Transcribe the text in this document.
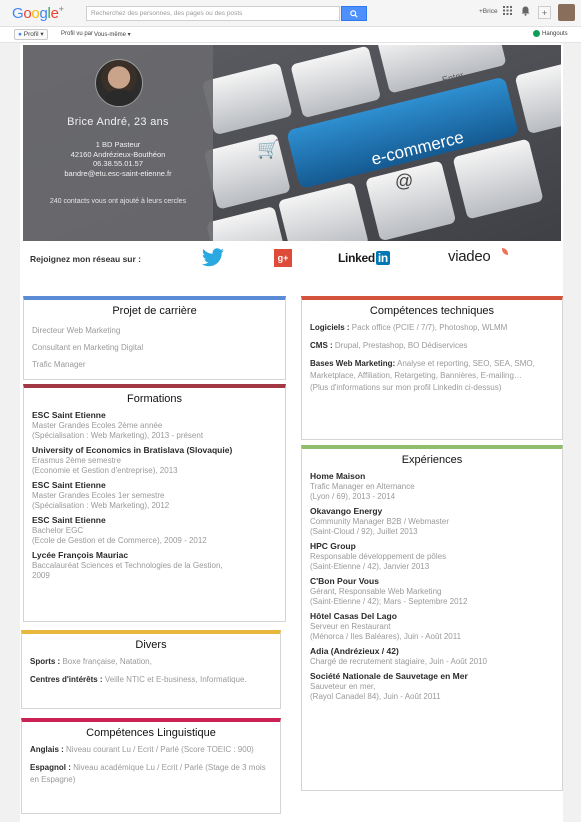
Google+	Recherchez des personnes, des pages ou des posts	+Brice	+
● Profil ▾	Profil vu par Vous-même ▾	Hangouts
Enter
e-commerce
🛒
@
Brice André, 23 ans
1 BD Pasteur
42160 Andrézieux-Bouthéon
06.38.55.01.57
bandre@etu.esc-saint-etienne.fr
240 contacts vous ont ajouté à leurs cercles
Rejoignez mon réseau sur :	g+	Linked in	viadeo
Projet de carrière
Directeur Web Marketing
Consultant en Marketing Digital
Trafic Manager
Formations
ESC Saint Etienne
Master Grandes Ecoles 2ème année
(Spécialisation : Web Marketing), 2013 - présent
University of Economics in Bratislava (Slovaquie)
Erasmus 2ème semestre
(Economie et Gestion d'entreprise), 2013
ESC Saint Etienne
Master Grandes Ecoles 1er semestre
(Spécialisation : Web Marketing), 2012
ESC Saint Etienne
Bachelor EGC
(Ecole de Gestion et de Commerce), 2009 - 2012
Lycée François Mauriac
Baccalauréat Sciences et Technologies de la Gestion,
2009
Divers
Sports : Boxe française, Natation,
Centres d'intérêts : Veille NTIC et E-business, Informatique.
Compétences Linguistique
Anglais : Niveau courant Lu / Ecrit / Parlé (Score TOEIC : 900)
Espagnol : Niveau académique Lu / Ecrit / Parlé (Stage de 3 mois en Espagne)
Compétences techniques
Logiciels : Pack office (PCIE / 7/7), Photoshop, WLMM
CMS : Drupal, Prestashop, BO Dédiservices
Bases Web Marketing: Analyse et reporting, SEO, SEA, SMO, Marketplace, Affiliation, Retargeting, Bannières, E-mailing…
(Plus d'informations sur mon profil Linkedin ci-dessus)
Expériences
Home Maison
Trafic Manager en Alternance
(Lyon / 69), 2013 - 2014
Okavango Energy
Community Manager B2B / Webmaster
(Saint-Cloud / 92), Juillet 2013
HPC Group
Responsable développement de pôles
(Saint-Etienne / 42), Janvier 2013
C'Bon Pour Vous
Gérant, Responsable Web Marketing
(Saint-Etienne / 42); Mars - Septembre 2012
Hôtel Casas Del Lago
Serveur en Restaurant
(Ménorca / Iles Baléares), Juin - Août 2011
Adia (Andrézieux / 42)
Chargé de recrutement stagiaire, Juin - Août 2010
Société Nationale de Sauvetage en Mer
Sauveteur en mer,
(Rayol Canadel 84), Juin - Août 2011
